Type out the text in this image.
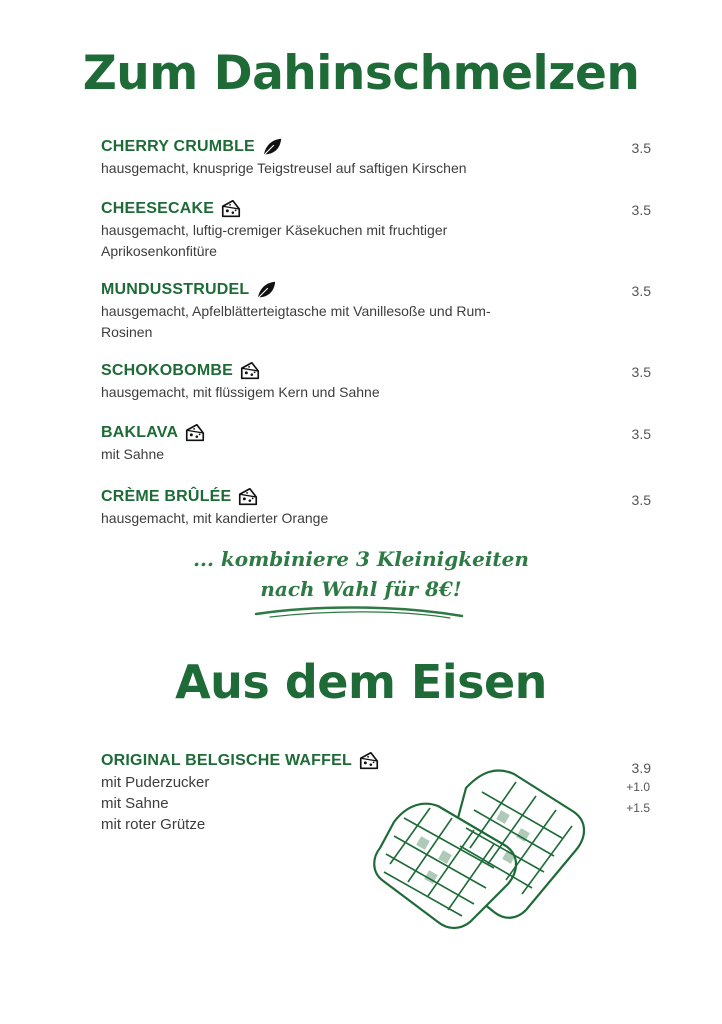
Zum Dahinschmelzen
CHERRY CRUMBLE
hausgemacht, knusprige Teigstreusel auf saftigen Kirschen
3.5
CHEESECAKE
hausgemacht, luftig-cremiger Käsekuchen mit fruchtiger Aprikosenkonfitüre
3.5
MUNDUSSTRUDEL
hausgemacht, Apfelblätterteigtasche mit Vanillesoße und Rum-Rosinen
3.5
SCHOKOBOMBE
hausgemacht, mit flüssigem Kern und Sahne
3.5
BAKLAVA
mit Sahne
3.5
CRÈME BRÛLÉE
hausgemacht, mit kandierter Orange
3.5
... kombiniere 3 Kleinigkeiten
nach Wahl für 8€!
Aus dem Eisen
ORIGINAL BELGISCHE WAFFEL
mit Puderzucker
mit Sahne
mit roter Grütze
3.9
+1.0
+1.5
